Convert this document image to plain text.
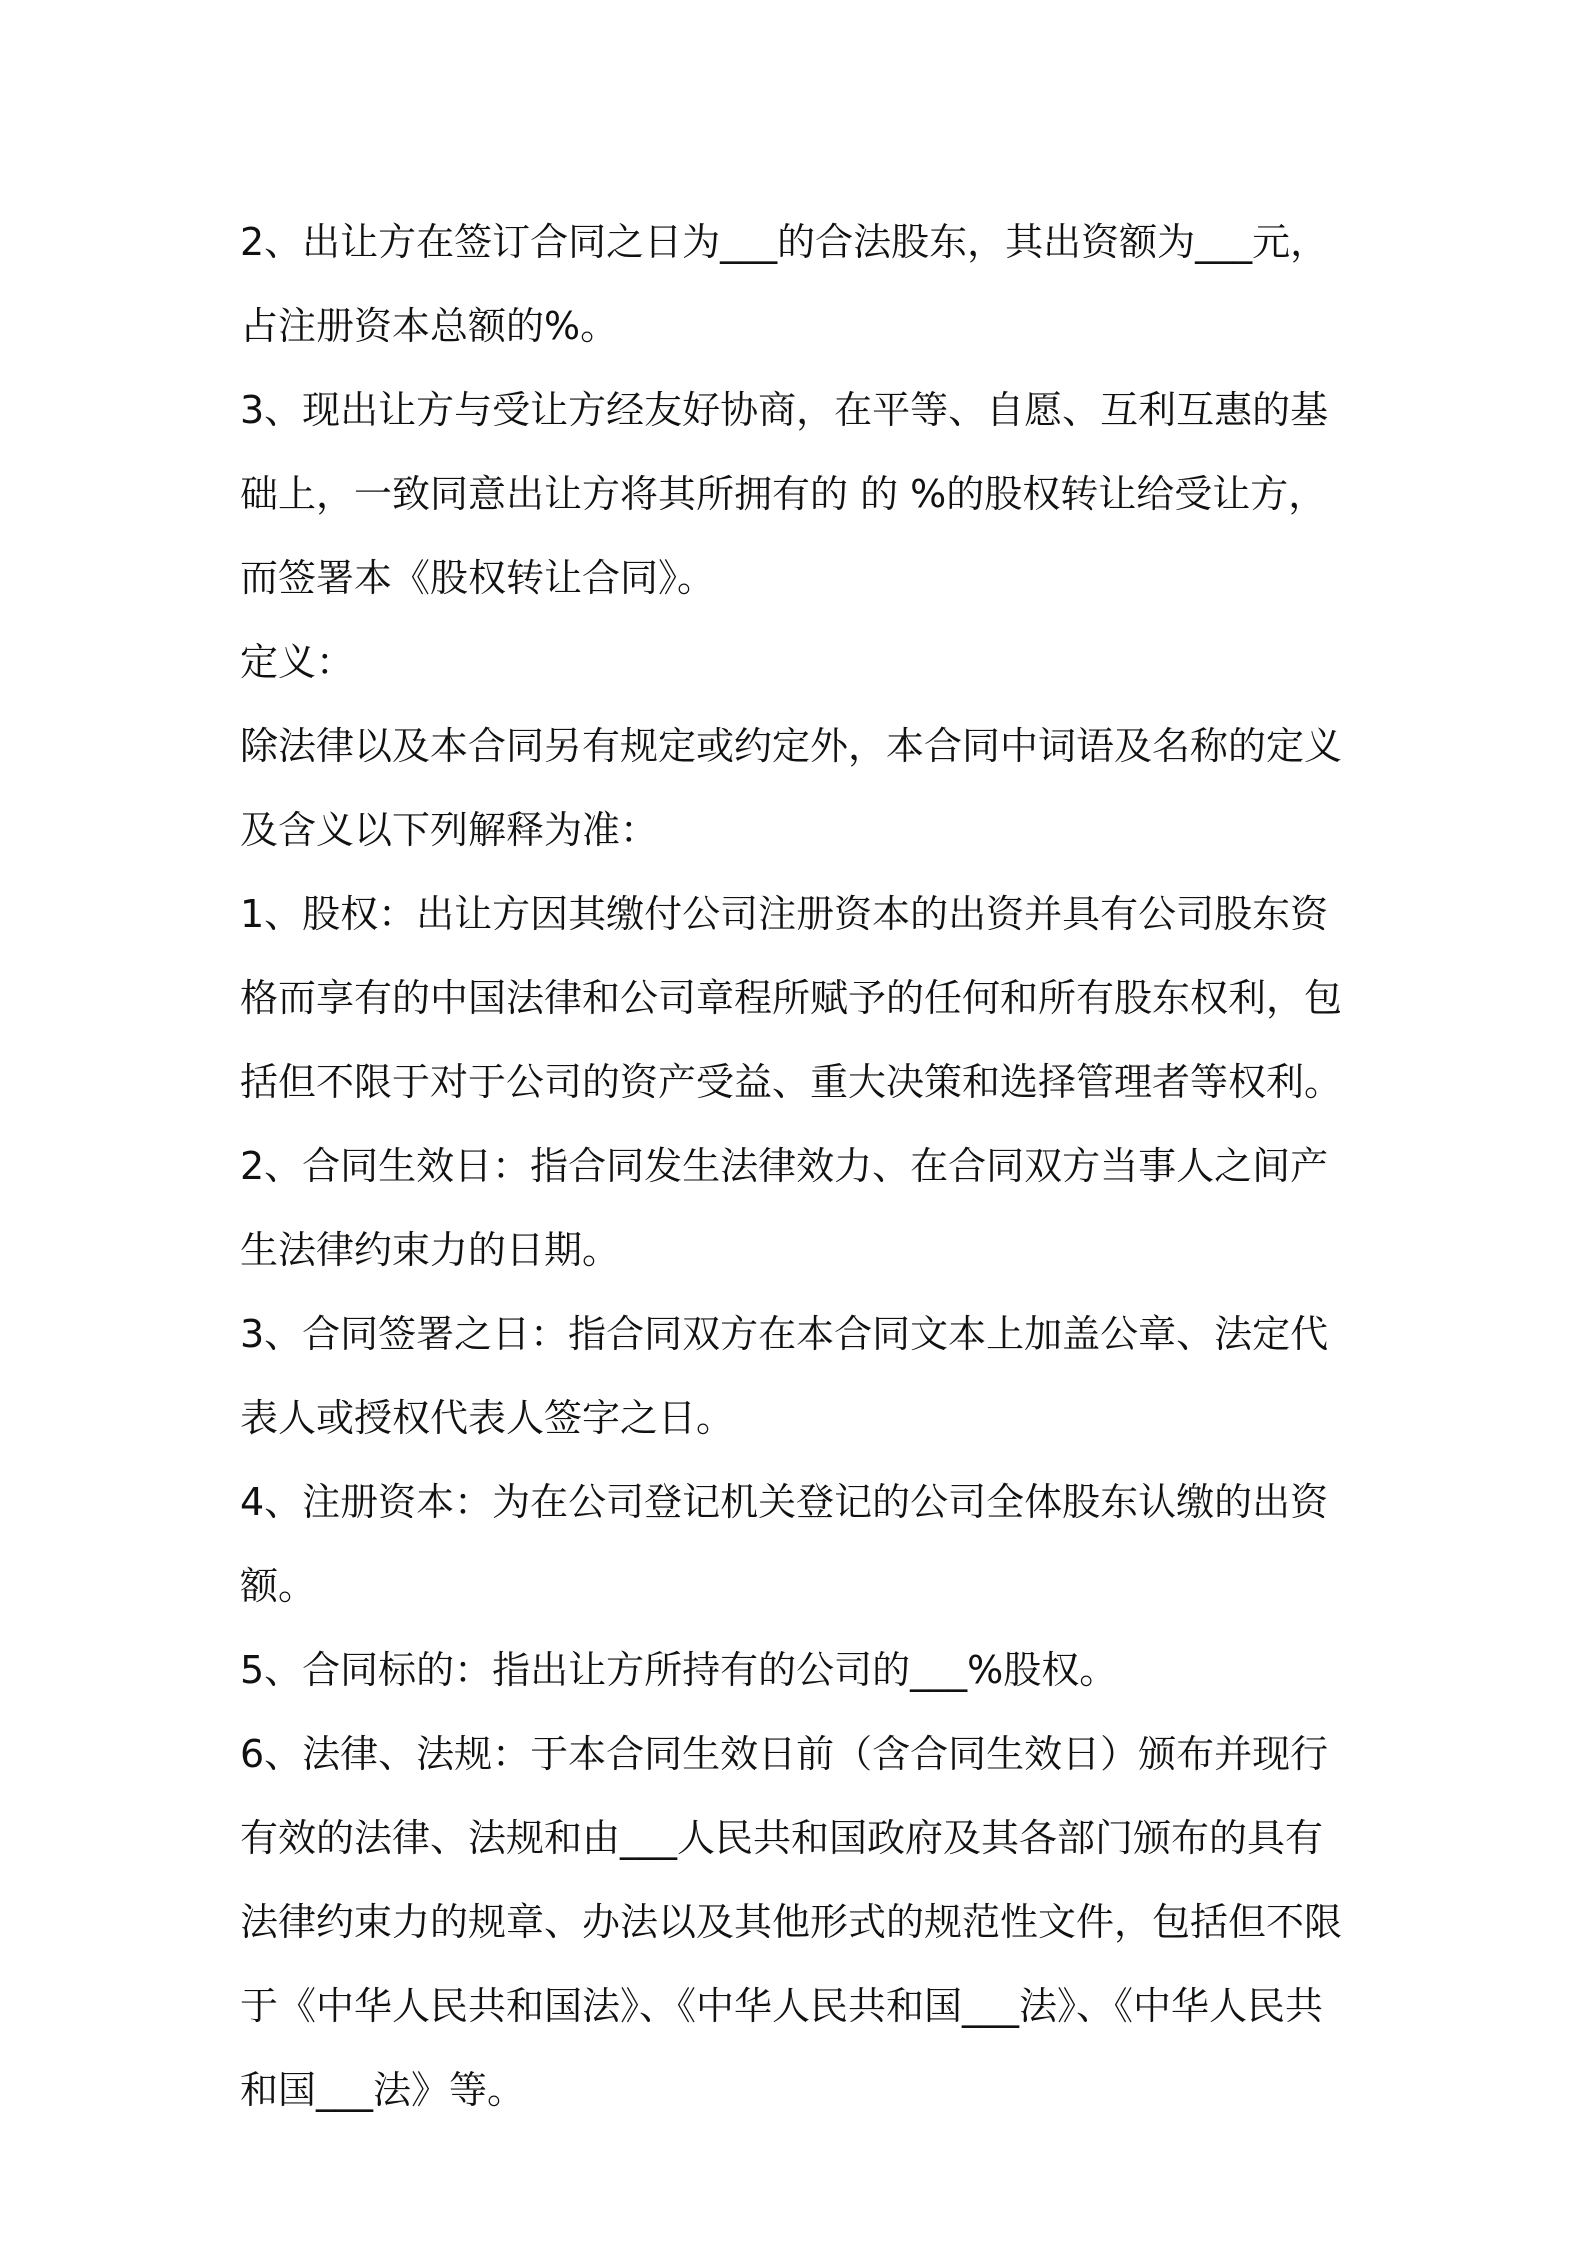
2、出让方在签订合同之日为___的合法股东，其出资额为___元，占注册资本总额的%。

3、现出让方与受让方经友好协商，在平等、自愿、互利互惠的基础上，一致同意出让方将其所拥有的 的 %的股权转让给受让方，而签署本《股权转让合同》。

定义：

除法律以及本合同另有规定或约定外，本合同中词语及名称的定义及含义以下列解释为准：

1、股权：出让方因其缴付公司注册资本的出资并具有公司股东资格而享有的中国法律和公司章程所赋予的任何和所有股东权利，包括但不限于对于公司的资产受益、重大决策和选择管理者等权利。

2、合同生效日：指合同发生法律效力、在合同双方当事人之间产生法律约束力的日期。

3、合同签署之日：指合同双方在本合同文本上加盖公章、法定代表人或授权代表人签字之日。

4、注册资本：为在公司登记机关登记的公司全体股东认缴的出资额。

5、合同标的：指出让方所持有的公司的___%股权。

6、法律、法规：于本合同生效日前（含合同生效日）颁布并现行有效的法律、法规和由___人民共和国政府及其各部门颁布的具有法律约束力的规章、办法以及其他形式的规范性文件，包括但不限于《中华人民共和国法》、《中华人民共和国___法》、《中华人民共和国___法》等。
